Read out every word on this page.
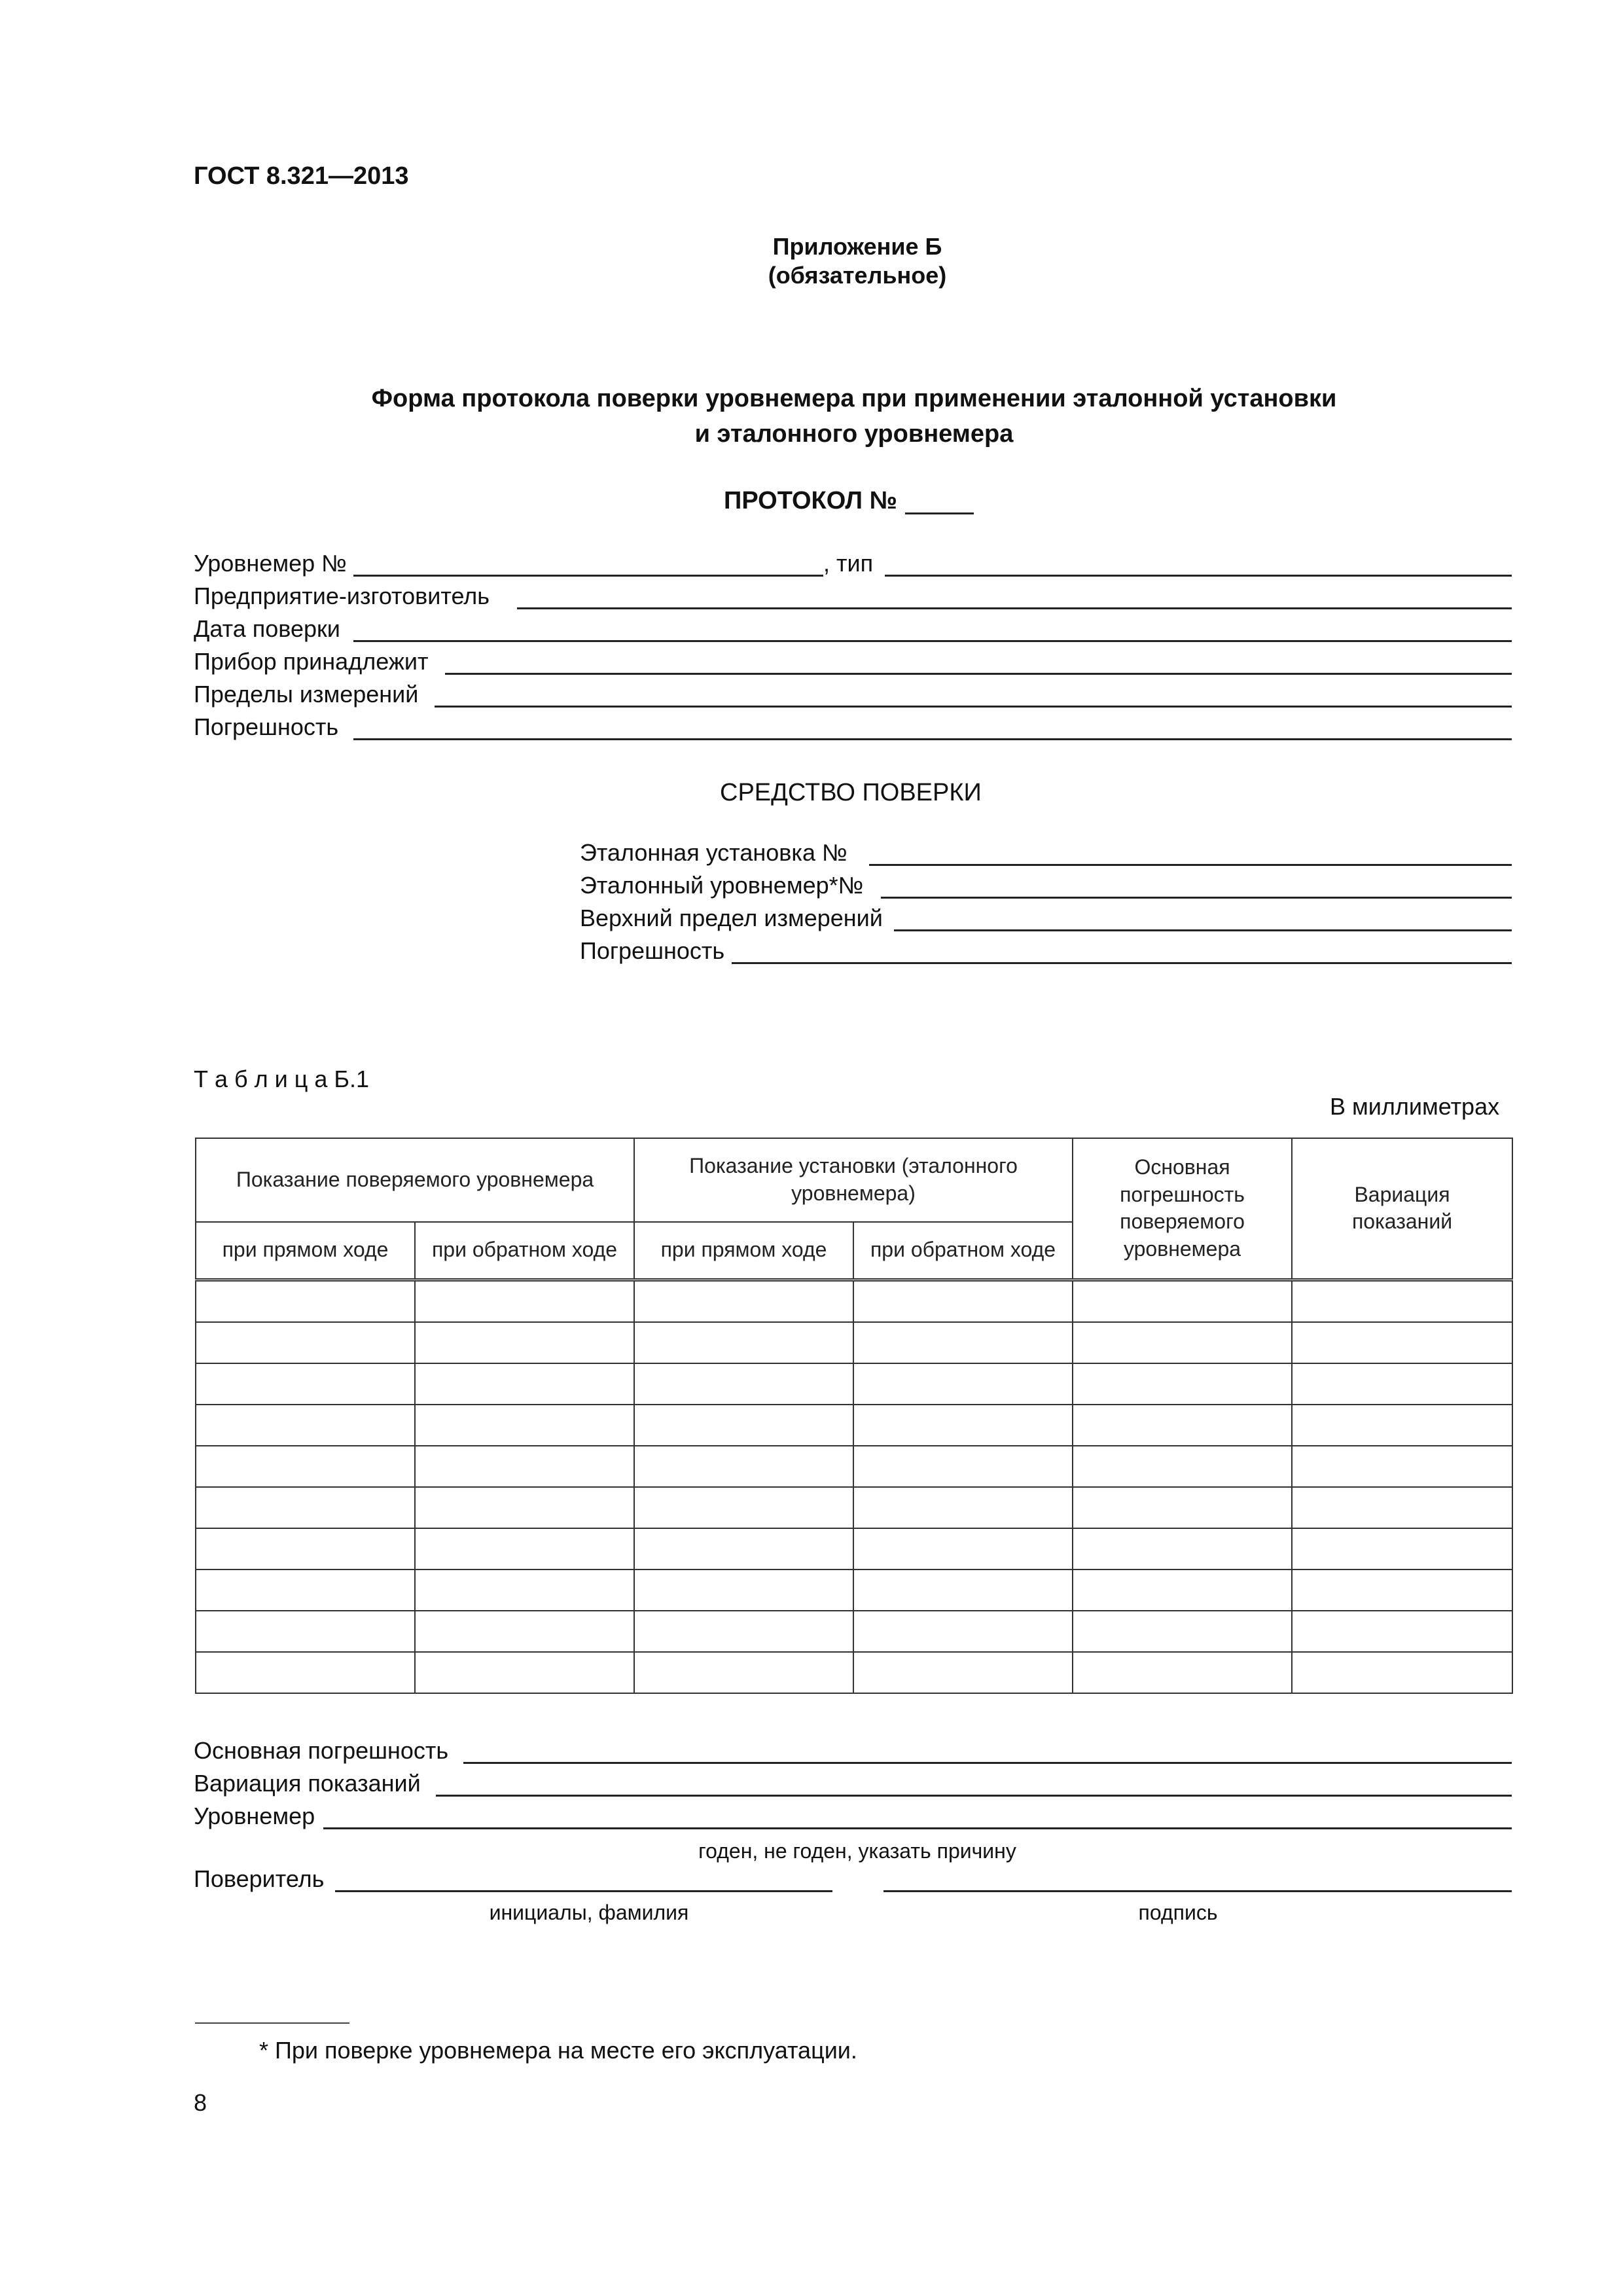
ГОСТ 8.321—2013
Приложение Б
(обязательное)
Форма протокола поверки уровнемера при применении эталонной установки
и эталонного уровнемера
ПРОТОКОЛ №
Уровнемер №	, тип
Предприятие-изготовитель
Дата поверки
Прибор принадлежит
Пределы измерений
Погрешность
СРЕДСТВО ПОВЕРКИ
Эталонная установка №
Эталонный уровнемер*№
Верхний предел измерений
Погрешность
Т а б л и ц а Б.1
В миллиметрах
Показание поверяемого уровнемера		Показание установки (эталонного уровнемера)		Основная погрешность поверяемого уровнемера	Вариация показаний
при прямом ходе	при обратном ходе	при прямом ходе	при обратном ходе		

Основная погрешность
Вариация показаний
Уровнемер
годен, не годен, указать причину
Поверитель
инициалы, фамилия	подпись
* При поверке уровнемера на месте его эксплуатации.
8
